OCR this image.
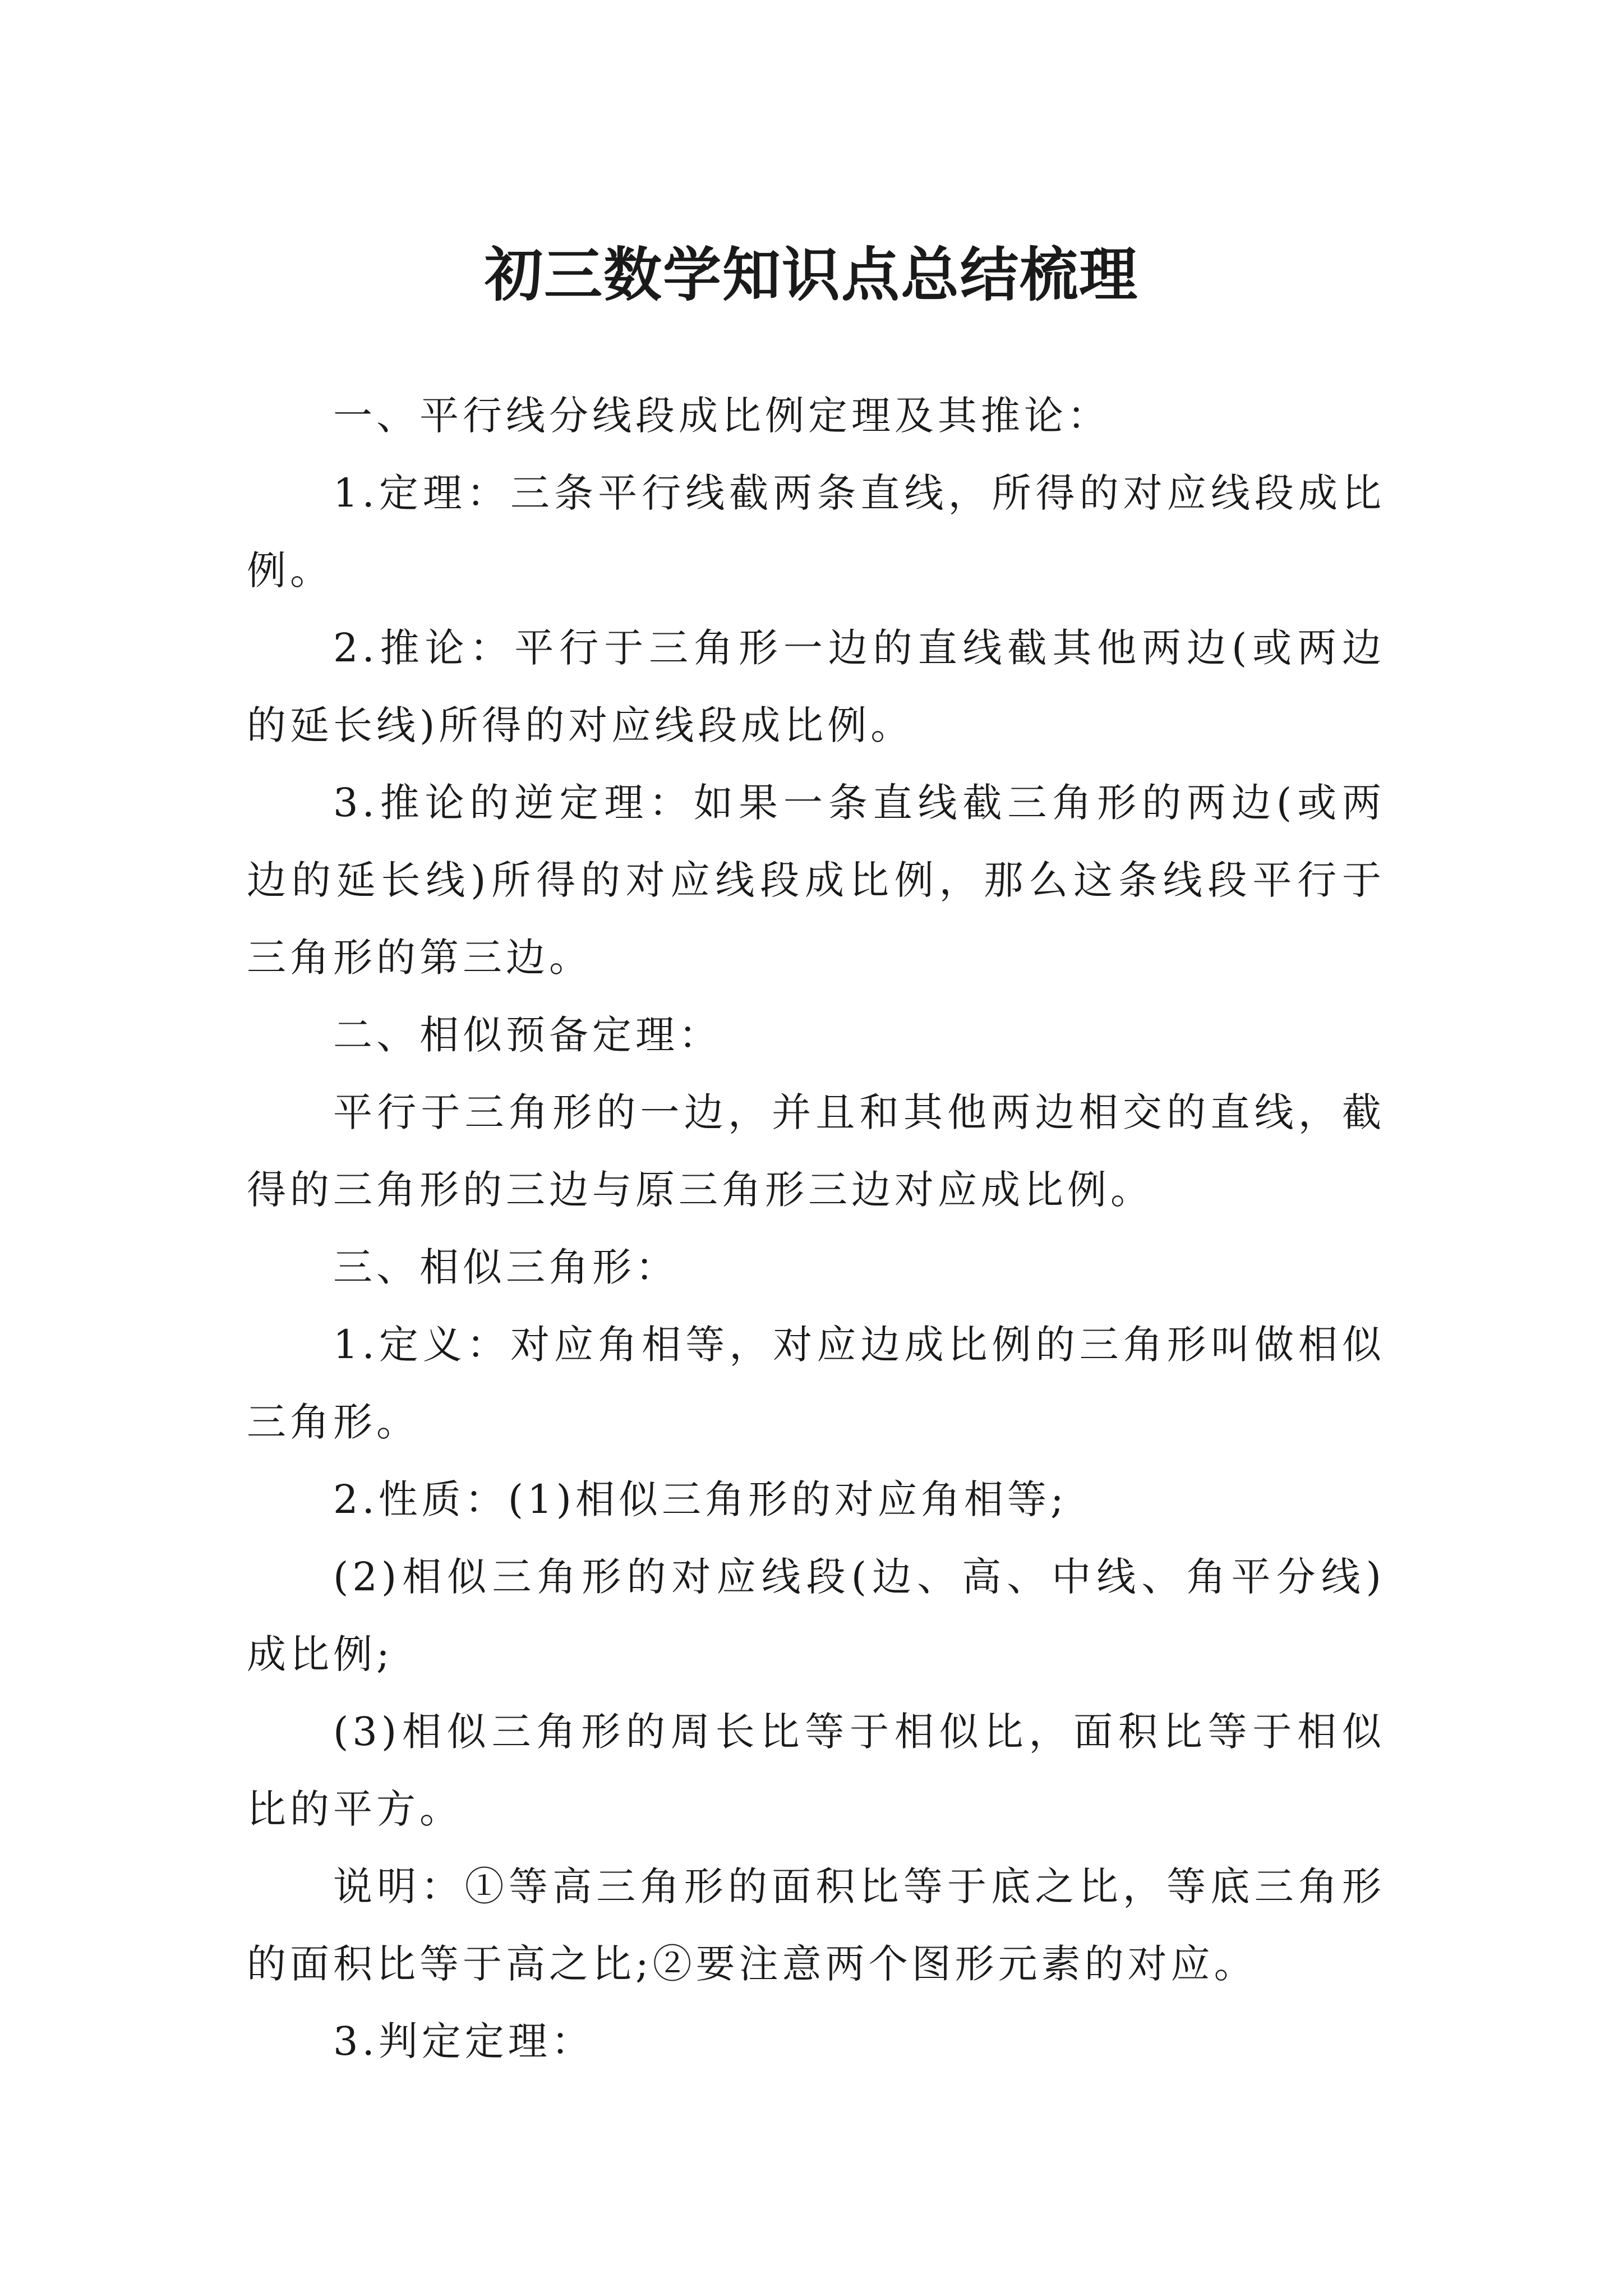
初三数学知识点总结梳理

一、平行线分线段成比例定理及其推论：

1.定理：三条平行线截两条直线，所得的对应线段成比例。

2.推论：平行于三角形一边的直线截其他两边(或两边的延长线)所得的对应线段成比例。

3.推论的逆定理：如果一条直线截三角形的两边(或两边的延长线)所得的对应线段成比例，那么这条线段平行于三角形的第三边。

二、相似预备定理：

平行于三角形的一边，并且和其他两边相交的直线，截得的三角形的三边与原三角形三边对应成比例。

三、相似三角形：

1.定义：对应角相等，对应边成比例的三角形叫做相似三角形。

2.性质：(1)相似三角形的对应角相等;

(2)相似三角形的对应线段(边、高、中线、角平分线)成比例;

(3)相似三角形的周长比等于相似比，面积比等于相似比的平方。

说明：①等高三角形的面积比等于底之比，等底三角形的面积比等于高之比;②要注意两个图形元素的对应。

3.判定定理：
